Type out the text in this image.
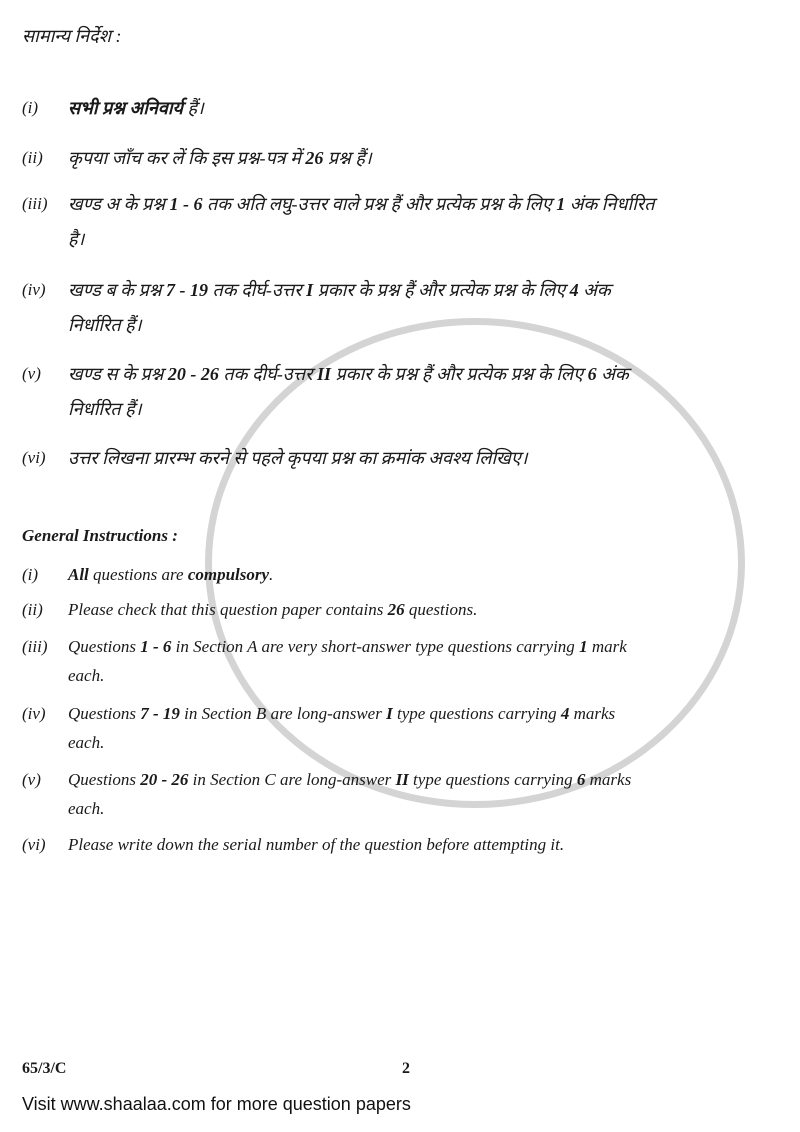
सामान्य निर्देश :
(i) सभी प्रश्न अनिवार्य हैं।
(ii) कृपया जाँच कर लें कि इस प्रश्न-पत्र में 26 प्रश्न हैं।
(iii) खण्ड अ के प्रश्न 1 - 6 तक अति लघु-उत्तर वाले प्रश्न हैं और प्रत्येक प्रश्न के लिए 1 अंक निर्धारित
है।
(iv) खण्ड ब के प्रश्न 7 - 19 तक दीर्घ-उत्तर I प्रकार के प्रश्न हैं और प्रत्येक प्रश्न के लिए 4 अंक
निर्धारित हैं।
(v) खण्ड स के प्रश्न 20 - 26 तक दीर्घ-उत्तर II प्रकार के प्रश्न हैं और प्रत्येक प्रश्न के लिए 6 अंक
निर्धारित हैं।
(vi) उत्तर लिखना प्रारम्भ करने से पहले कृपया प्रश्न का क्रमांक अवश्य लिखिए।
General Instructions :
(i) All questions are compulsory.
(ii) Please check that this question paper contains 26 questions.
(iii) Questions 1 - 6 in Section A are very short-answer type questions carrying 1 mark
each.
(iv) Questions 7 - 19 in Section B are long-answer I type questions carrying 4 marks
each.
(v) Questions 20 - 26 in Section C are long-answer II type questions carrying 6 marks
each.
(vi) Please write down the serial number of the question before attempting it.
65/3/C	2
Visit www.shaalaa.com for more question papers
